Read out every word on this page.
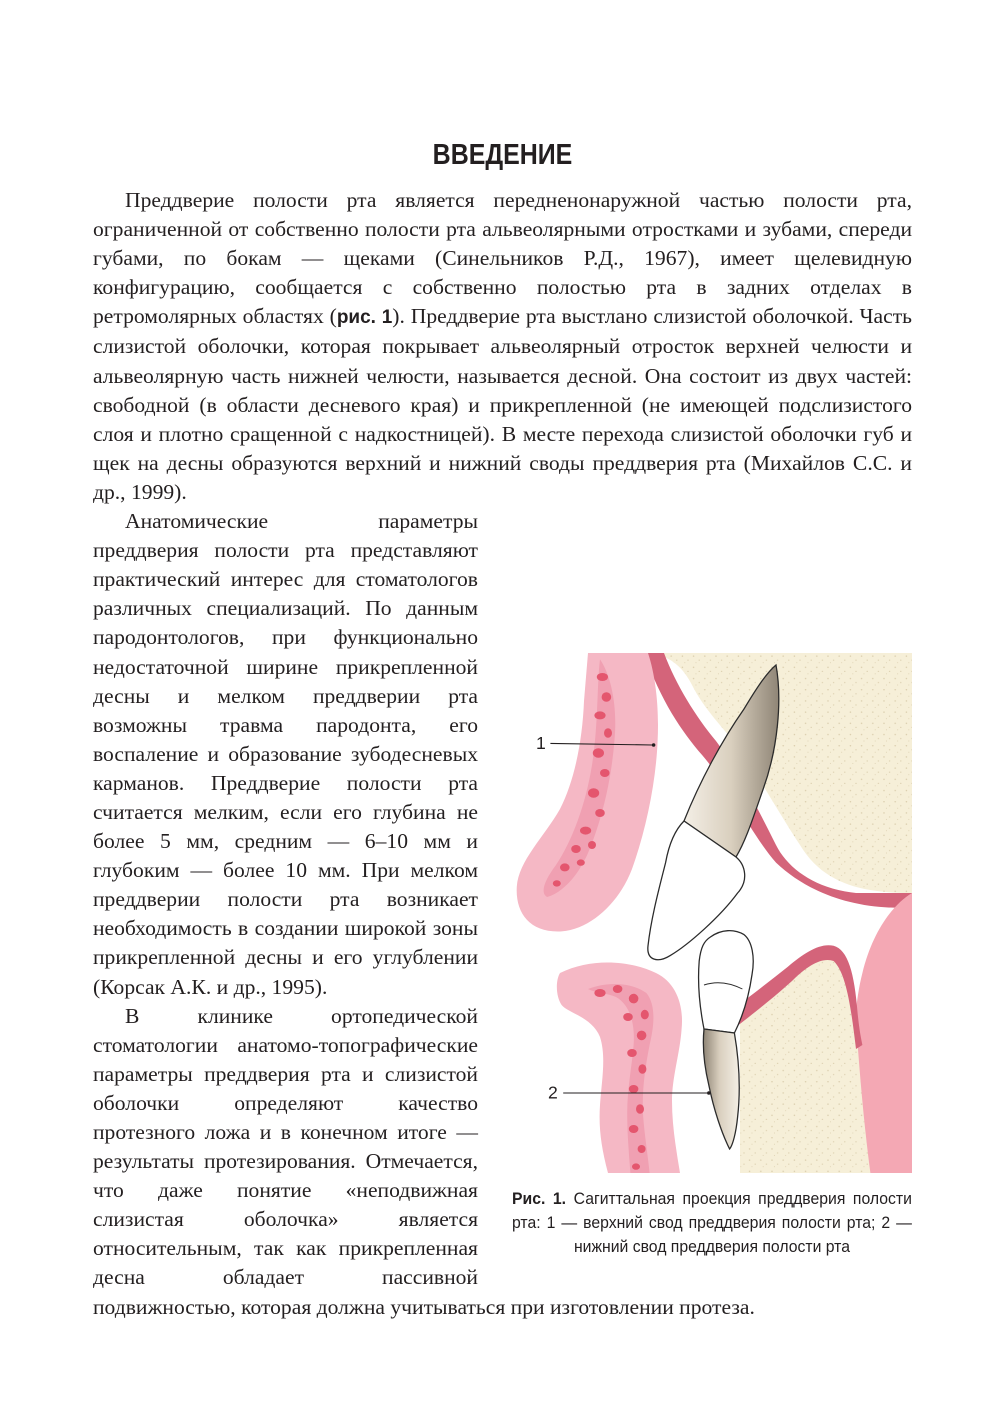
ВВЕДЕНИЕ

Преддверие полости рта является передненонаружной частью полости рта, ограниченной от собственно полости рта альвеолярными отростками и зубами, спереди губами, по бокам — щеками (Синельников Р.Д., 1967), имеет щелевидную конфигурацию, сообщается с собственно полостью рта в задних отделах в ретромолярных областях (рис. 1). Преддверие рта выстлано слизистой оболочкой. Часть слизистой оболочки, которая покрывает альвеолярный отросток верхней челюсти и альвеолярную часть нижней челюсти, называется десной. Она состоит из двух частей: свободной (в области десневого края) и прикрепленной (не имеющей подслизистого слоя и плотно сращенной с надкостницей). В месте перехода слизистой оболочки губ и щек на десны образуются верхний и нижний своды преддверия рта (Михайлов С.С. и др., 1999).

1
2
Рис. 1. Сагиттальная проекция преддверия полости рта: 1 — верхний свод преддверия полости рта; 2 — нижний свод преддверия полости рта

Анатомические параметры преддверия полости рта представляют практический интерес для стоматологов различных специализаций. По данным пародонтологов, при функционально недостаточной ширине прикрепленной десны и мелком преддверии рта возможны травма пародонта, его воспаление и образование зубодесневых карманов. Преддверие полости рта считается мелким, если его глубина не более 5 мм, средним — 6–10 мм и глубоким — более 10 мм. При мелком преддверии полости рта возникает необходимость в создании широкой зоны прикрепленной десны и его углублении (Корсак А.К. и др., 1995).

В клинике ортопедической стоматологии анатомо-топографические параметры преддверия рта и слизистой оболочки определяют качество протезного ложа и в конечном итоге — результаты протезирования. Отмечается, что даже понятие «неподвижная слизистая оболочка» является относительным, так как прикрепленная десна обладает пассивной подвижностью, которая должна учитываться при изготовлении протеза.
